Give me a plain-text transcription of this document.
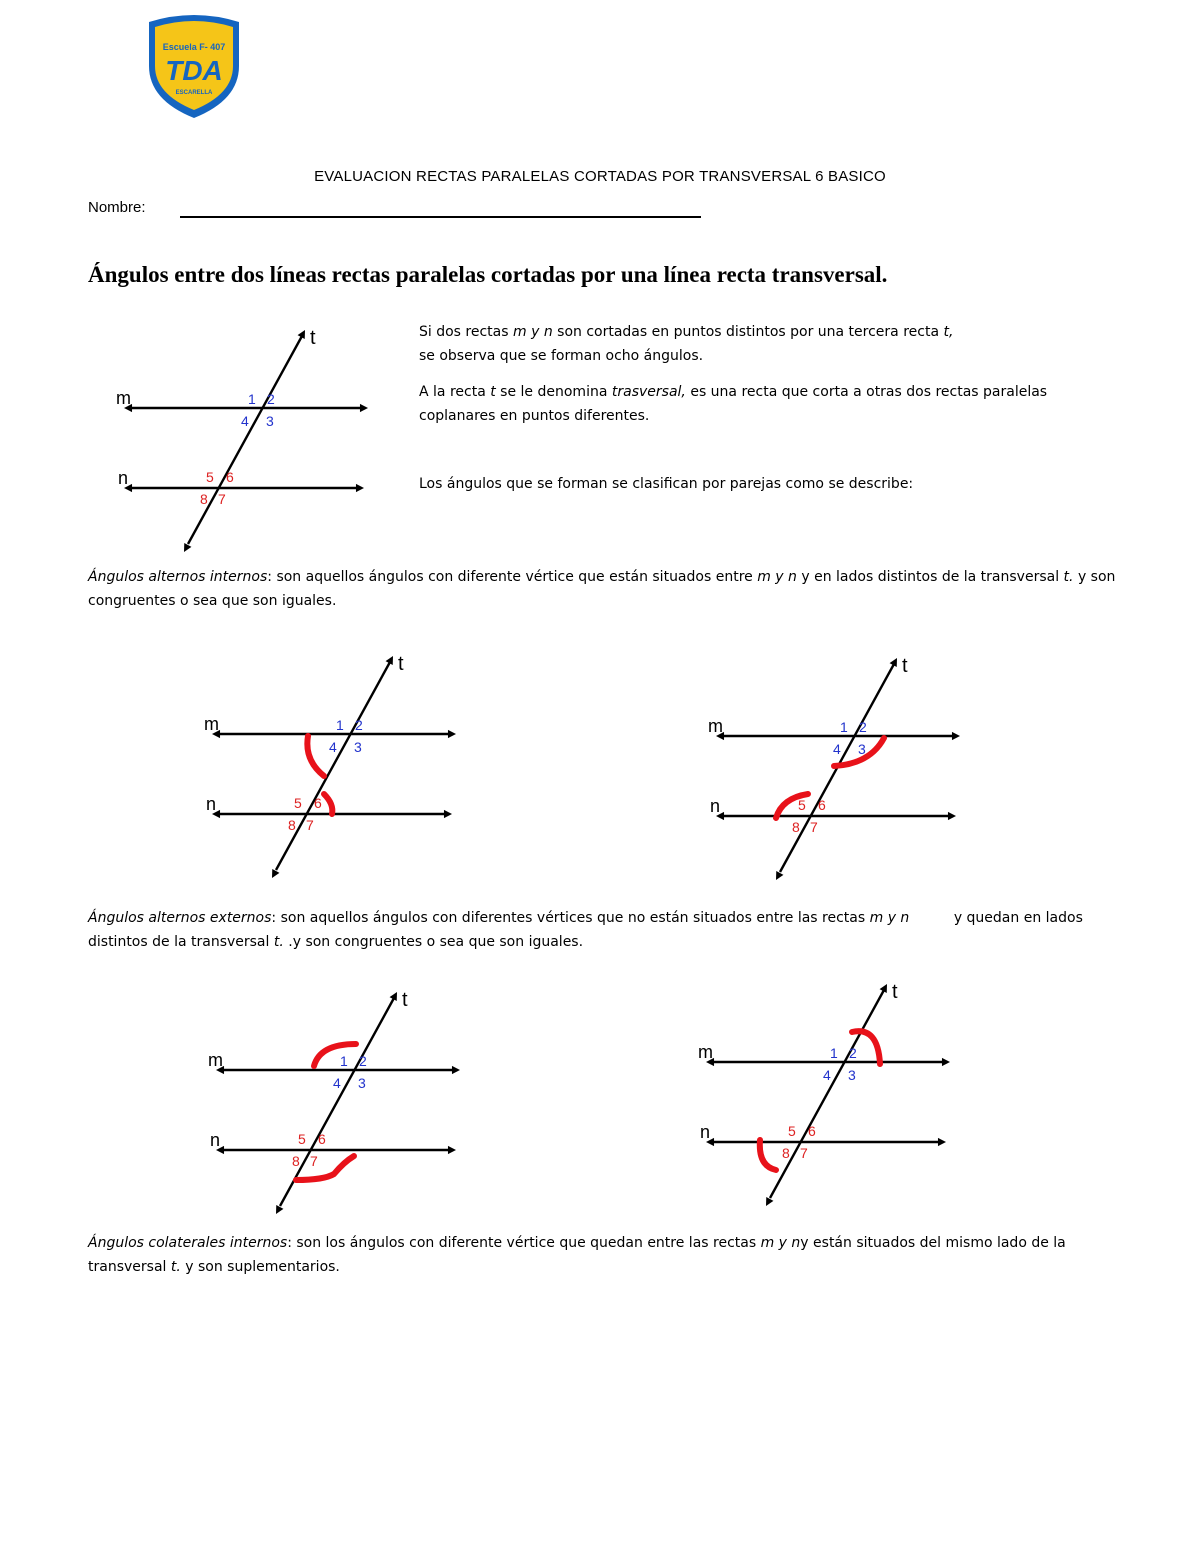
Escuela F- 407
TDA
ESCARELLA
EVALUACION RECTAS PARALELAS CORTADAS POR TRANSVERSAL 6 BASICO
Nombre:
Ángulos entre dos líneas rectas paralelas cortadas por una línea recta transversal.

Si dos rectas m y n son cortadas en puntos distintos por una tercera recta t,
se observa que se forman ocho ángulos.

A la recta t se le denomina trasversal, es una recta que corta a otras dos rectas paralelas coplanares en puntos diferentes.

Los ángulos que se forman se clasifican por parejas como se describe:

Ángulos alternos internos: son aquellos ángulos con diferente vértice que están situados entre m y n y en lados distintos de la transversal t. y son congruentes o sea que son iguales.

Ángulos alternos externos: son aquellos ángulos con diferentes vértices que no están situados entre las rectas m y n          y quedan en lados distintos de la transversal t. .y son congruentes o sea que son iguales.

Ángulos colaterales internos: son los ángulos con diferente vértice que quedan entre las rectas m y ny están situados del mismo lado de la transversal t. y son suplementarios.

m
n
t
1 2
3
4
5 6
7
8
m
n
t
1 2
3
4
5 6
7
8
m
n
t
1 2
3
4
5 6
7
8
m
n
t
1 2
3
4
5 6
7
8
m
n
t
1 2
3
4
5 6
7
8
